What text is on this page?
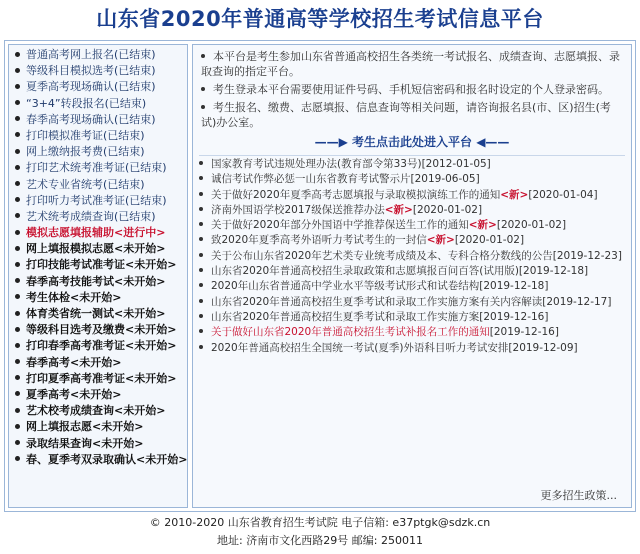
山东省2020年普通高等学校招生考试信息平台
普通高考网上报名(已结束)
等级科目模拟选考(已结束)
夏季高考现场确认(已结束)
“3+4”转段报名(已结束)
春季高考现场确认(已结束)
打印模拟准考证(已结束)
网上缴纳报考费(已结束)
打印艺术统考准考证(已结束)
艺术专业省统考(已结束)
打印听力考试准考证(已结束)
艺术统考成绩查询(已结束)
模拟志愿填报辅助<进行中>
网上填报模拟志愿<未开始>
打印技能考试准考证<未开始>
春季高考技能考试<未开始>
考生体检<未开始>
体育类省统一测试<未开始>
等级科目选考及缴费<未开始>
打印春季高考准考证<未开始>
春季高考<未开始>
打印夏季高考准考证<未开始>
夏季高考<未开始>
艺术校考成绩查询<未开始>
网上填报志愿<未开始>
录取结果查询<未开始>
春、夏季考双录取确认<未开始>
本平台是考生参加山东省普通高校招生各类统一考试报名、成绩查询、志愿填报、录取查询的指定平台。
考生登录本平台需要使用证件号码、手机短信密码和报名时设定的个人登录密码。
考生报名、缴费、志愿填报、信息查询等相关问题，请咨询报名县(市、区)招生(考试)办公室。
——▶ 考生点击此处进入平台 ◀——
国家教育考试违规处理办法(教育部令第33号)[2012-01-05]
诚信考试作弊必惩一山东省教育考试警示片[2019-06-05]
关于做好2020年夏季高考志愿填报与录取模拟演练工作的通知<新>[2020-01-04]
济南外国语学校2017级保送推荐办法<新>[2020-01-02]
关于做好2020年部分外国语中学推荐保送生工作的通知<新>[2020-01-02]
致2020年夏季高考外语听力考试考生的一封信<新>[2020-01-02]
关于公布山东省2020年艺术类专业统考成绩及本、专科合格分数线的公告[2019-12-23]
山东省2020年普通高校招生录取政策和志愿填报百问百答(试用版)[2019-12-18]
2020年山东省普通高中学业水平等级考试形式和试卷结构[2019-12-18]
山东省2020年普通高校招生夏季考试和录取工作实施方案有关内容解读[2019-12-17]
山东省2020年普通高校招生夏季考试和录取工作实施方案[2019-12-16]
关于做好山东省2020年普通高校招生考试补报名工作的通知[2019-12-16]
2020年普通高校招生全国统一考试(夏季)外语科目听力考试安排[2019-12-09]
更多招生政策...
© 2010-2020 山东省教育招生考试院 电子信箱: e37ptgk@sdzk.cn
地址: 济南市文化西路29号 邮编: 250011
